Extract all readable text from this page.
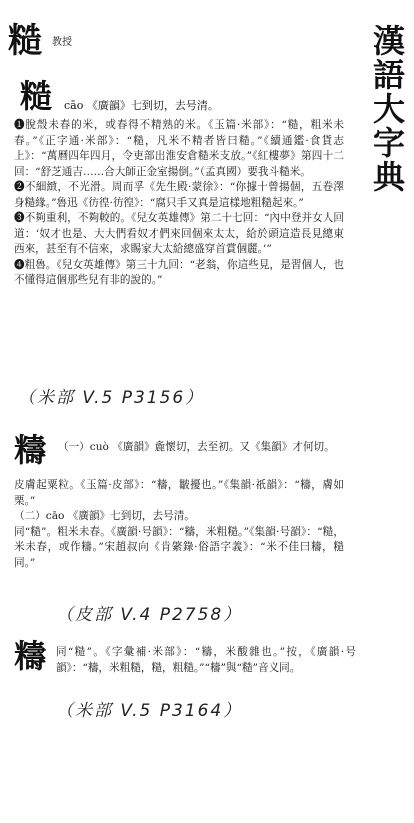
糙 教授	漢語大字典
糙 cāo 《廣韻》七到切，去号清。

❶脫殼未春的米，或春得不精熟的米。《玉篇·米部》：“糙，粗米未春。”《正字通·米部》：“糙，凡米不精者皆曰糙。”《續通鑑·食貨志上》：“萬曆四年四月，令吏部出淮安倉糙米支放。”《紅樓夢》第四十二回：“舒芝通吉……合大師正金室揚倒。”（孟真國）要我斗糙米。

❷不細緻，不光滑。周而孚《先生殿·蒙徐》：“你據十曾揚個，五卷澤身糙緣。”魯迅《彷徨·彷徨》：“腐只手又真是這樣地粗糙起來。”

❸不夠重利，不夠較的。《兒女英雄傳》第二十七回：“內中登并女人回道：‘奴才也是、大大們看奴才們來回個來太太，給於頭這造長見總東西來，甚至有不信來，求賜家大太給總盛穿首賞個麗。’”

❹粗魯。《兒女英雄傳》第三十九回：“老翁，你這些見，是習個人，也不懂得這個那些兒有非的說的。”

（米部 V.5 P3156）
䊭 （一）cuò 《廣韻》麁懷切，去至初。又《集韻》才何切。

皮膚起粟粒。《玉篇·皮部》：“䊭，皺擾也。”《集韻·祇韻》：“䊭，膚如栗。”

（二）cāo 《廣韻》七到切，去号清。

同“糙”。粗米未春。《廣韻·号韻》：“䊭，米粗糙。”《集韻·号韻》：“糙，米未春，或作䊭。”宋趙叔向《肯綮錄·俗語字義》：“米不佳曰䊭，糙同。”

（皮部 V.4 P2758）
䊭 同“糙”。《字彙補·米部》：“䊭，米酸雜也。”按，《廣韻·号韻》：“䊭，米粗糙，糙，粗糙。”“䊭”與“糙”音义同。

（米部 V.5 P3164）
